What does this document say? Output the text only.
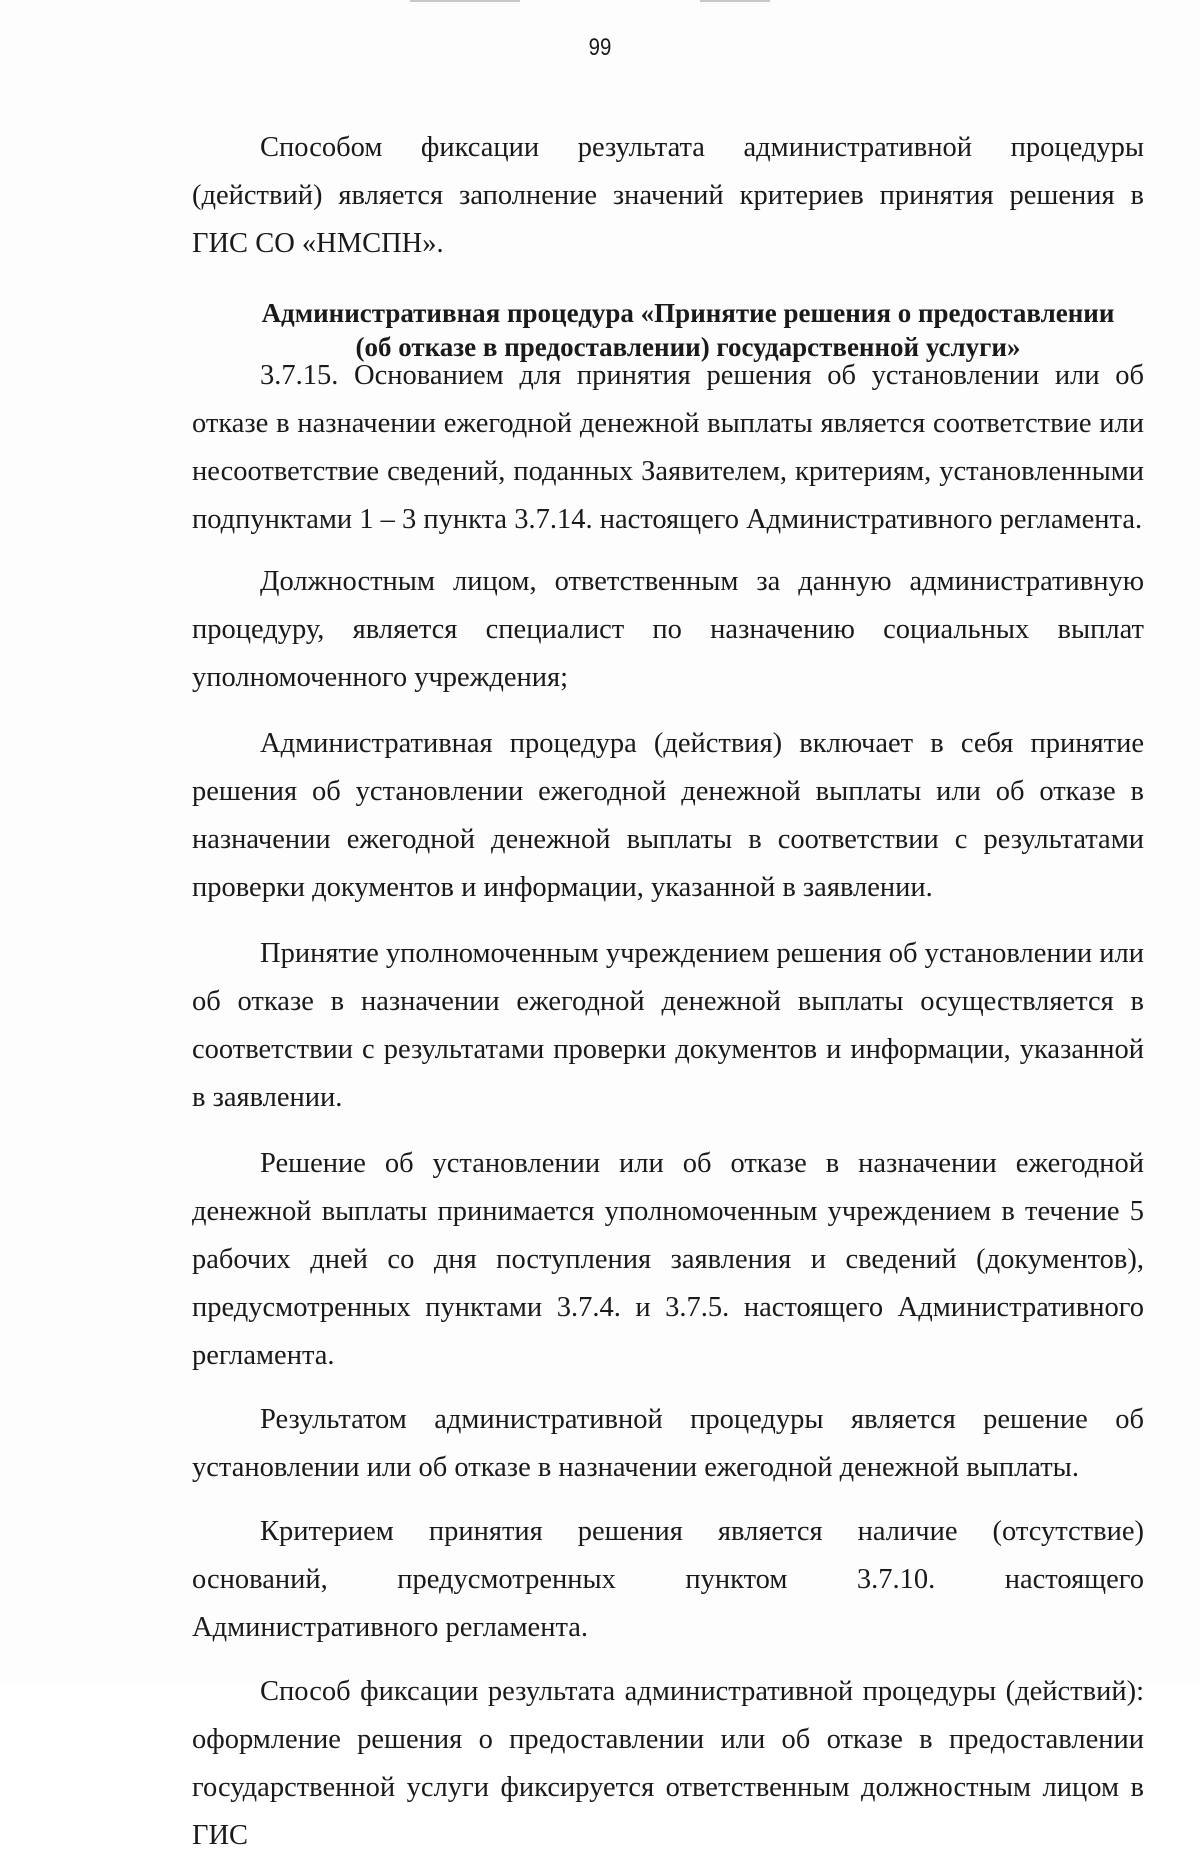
99

Способом фиксации результата административной процедуры (действий) является заполнение значений критериев принятия решения в ГИС СО «НМСПН».

Административная процедура «Принятие решения о предоставлении

(об отказе в предоставлении) государственной услуги»

3.7.15. Основанием для принятия решения об установлении или об отказе в назначении ежегодной денежной выплаты является соответствие или несоответствие сведений, поданных Заявителем, критериям, установленными подпунктами 1 – 3 пункта 3.7.14. настоящего Административного регламента.

Должностным лицом, ответственным за данную административную процедуру, является специалист по назначению социальных выплат уполномоченного учреждения;

Административная процедура (действия) включает в себя принятие решения об установлении ежегодной денежной выплаты или об отказе в назначении ежегодной денежной выплаты в соответствии с результатами проверки документов и информации, указанной в заявлении.

Принятие уполномоченным учреждением решения об установлении или об отказе в назначении ежегодной денежной выплаты осуществляется в соответствии с результатами проверки документов и информации, указанной в заявлении.

Решение об установлении или об отказе в назначении ежегодной денежной выплаты принимается уполномоченным учреждением в течение 5 рабочих дней со дня поступления заявления и сведений (документов), предусмотренных пунктами 3.7.4. и 3.7.5. настоящего Административного регламента.

Результатом административной процедуры является решение об установлении или об отказе в назначении ежегодной денежной выплаты.

Критерием принятия решения является наличие (отсутствие) оснований, предусмотренных пунктом 3.7.10. настоящего Административного регламента.

Способ фиксации результата административной процедуры (действий): оформление решения о предоставлении или об отказе в предоставлении государственной услуги фиксируется ответственным должностным лицом в ГИС
